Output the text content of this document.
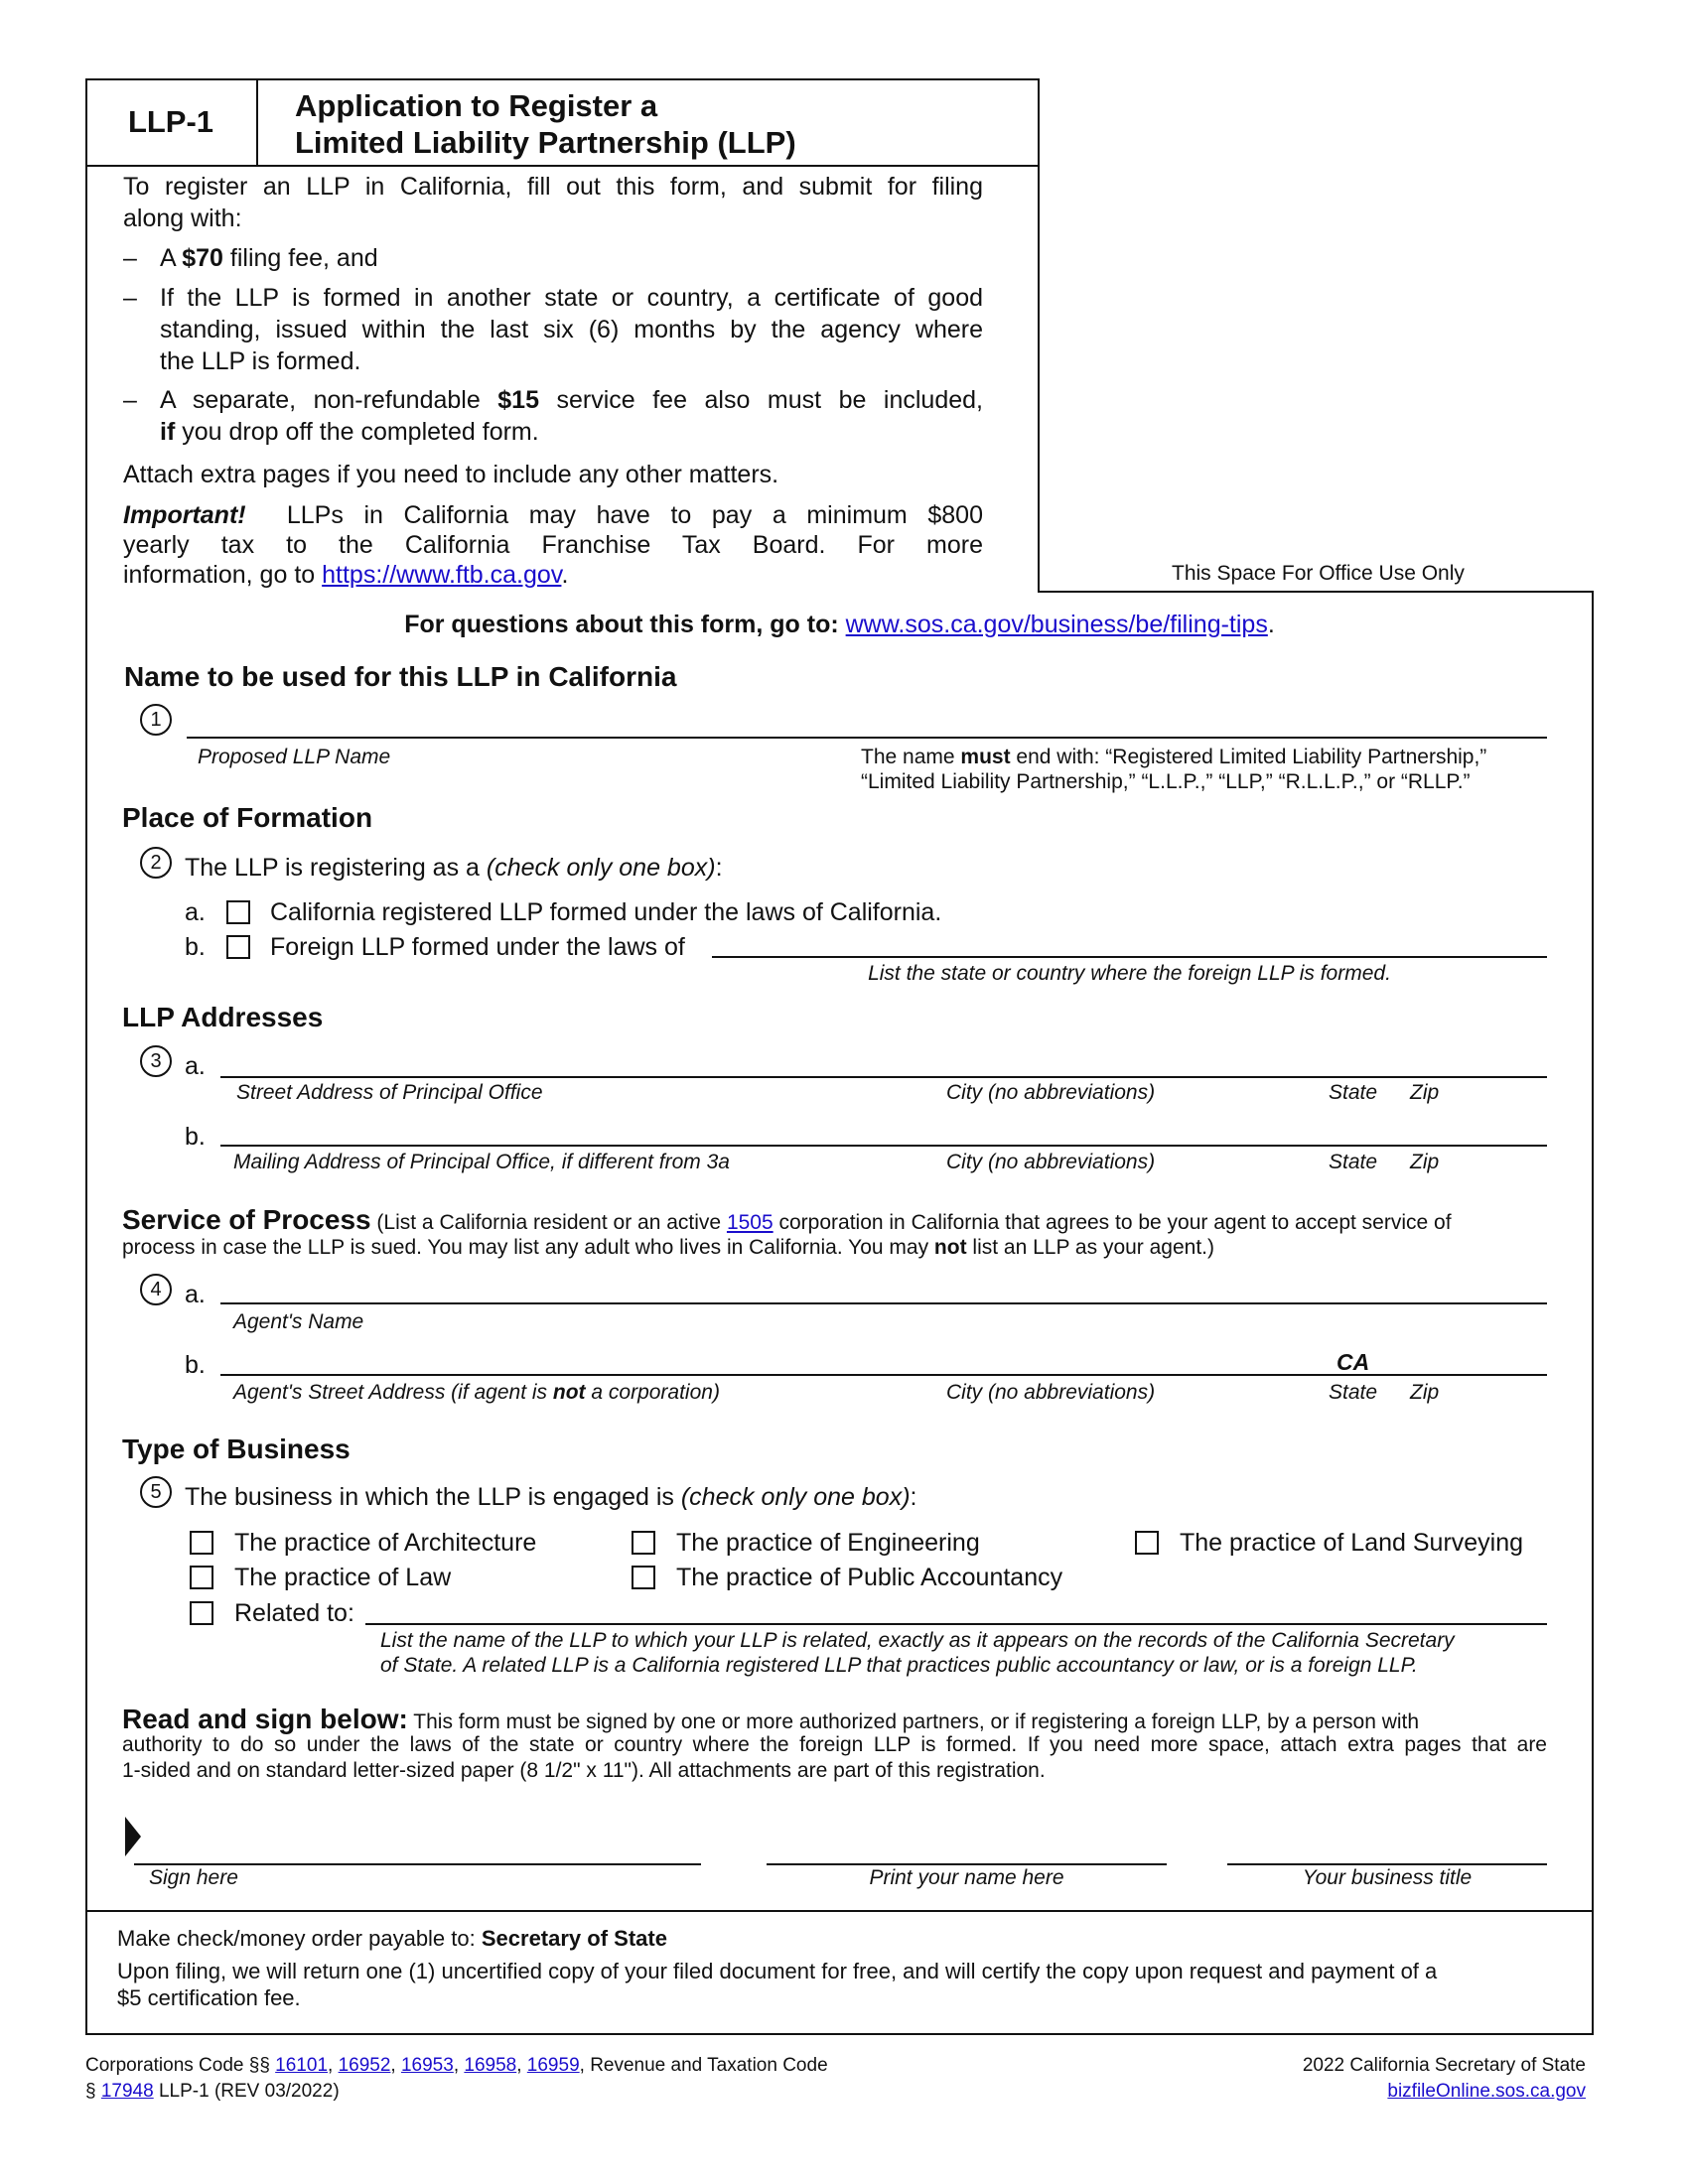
LLP-1	Application to Register a
Limited Liability Partnership (LLP)
To register an LLP in California, fill out this form, and submit for filing
along with:
– A $70 filing fee, and
– If the LLP is formed in another state or country, a certificate of good
standing, issued within the last six (6) months by the agency where
the LLP is formed.
– A separate, non-refundable $15 service fee also must be included,
if you drop off the completed form.
Attach extra pages if you need to include any other matters.
Important! LLPs in California may have to pay a minimum $800
yearly tax to the California Franchise Tax Board. For more
information, go to https://www.ftb.ca.gov.	This Space For Office Use Only
For questions about this form, go to: www.sos.ca.gov/business/be/filing-tips.
Name to be used for this LLP in California
1
Proposed LLP Name	The name must end with: “Registered Limited Liability Partnership,”
“Limited Liability Partnership,” “L.L.P.,” “LLP,” “R.L.L.P.,” or “RLLP.”
Place of Formation
2 The LLP is registering as a (check only one box):
a.	California registered LLP formed under the laws of California.
b.	Foreign LLP formed under the laws of
List the state or country where the foreign LLP is formed.
LLP Addresses
3 a.
Street Address of Principal Office	City (no abbreviations)	State Zip
b.
Mailing Address of Principal Office, if different from 3a	City (no abbreviations)	State Zip
Service of Process (List a California resident or an active 1505 corporation in California that agrees to be your agent to accept service of
process in case the LLP is sued. You may list any adult who lives in California. You may not list an LLP as your agent.)
4 a.
Agent's Name
b.	CA
Agent's Street Address (if agent is not a corporation)	City (no abbreviations)	State Zip
Type of Business
5 The business in which the LLP is engaged is (check only one box):
The practice of Architecture	The practice of Engineering	The practice of Land Surveying
The practice of Law	The practice of Public Accountancy
Related to:
List the name of the LLP to which your LLP is related, exactly as it appears on the records of the California Secretary
of State. A related LLP is a California registered LLP that practices public accountancy or law, or is a foreign LLP.
Read and sign below: This form must be signed by one or more authorized partners, or if registering a foreign LLP, by a person with
authority to do so under the laws of the state or country where the foreign LLP is formed. If you need more space, attach extra pages that are
1-sided and on standard letter-sized paper (8 1/2" x 11"). All attachments are part of this registration.
Sign here	Print your name here	Your business title
Make check/money order payable to: Secretary of State
Upon filing, we will return one (1) uncertified copy of your filed document for free, and will certify the copy upon request and payment of a
$5 certification fee.
Corporations Code §§ 16101, 16952, 16953, 16958, 16959, Revenue and Taxation Code
§ 17948 LLP-1 (REV 03/2022)
2022 California Secretary of State
bizfileOnline.sos.ca.gov
